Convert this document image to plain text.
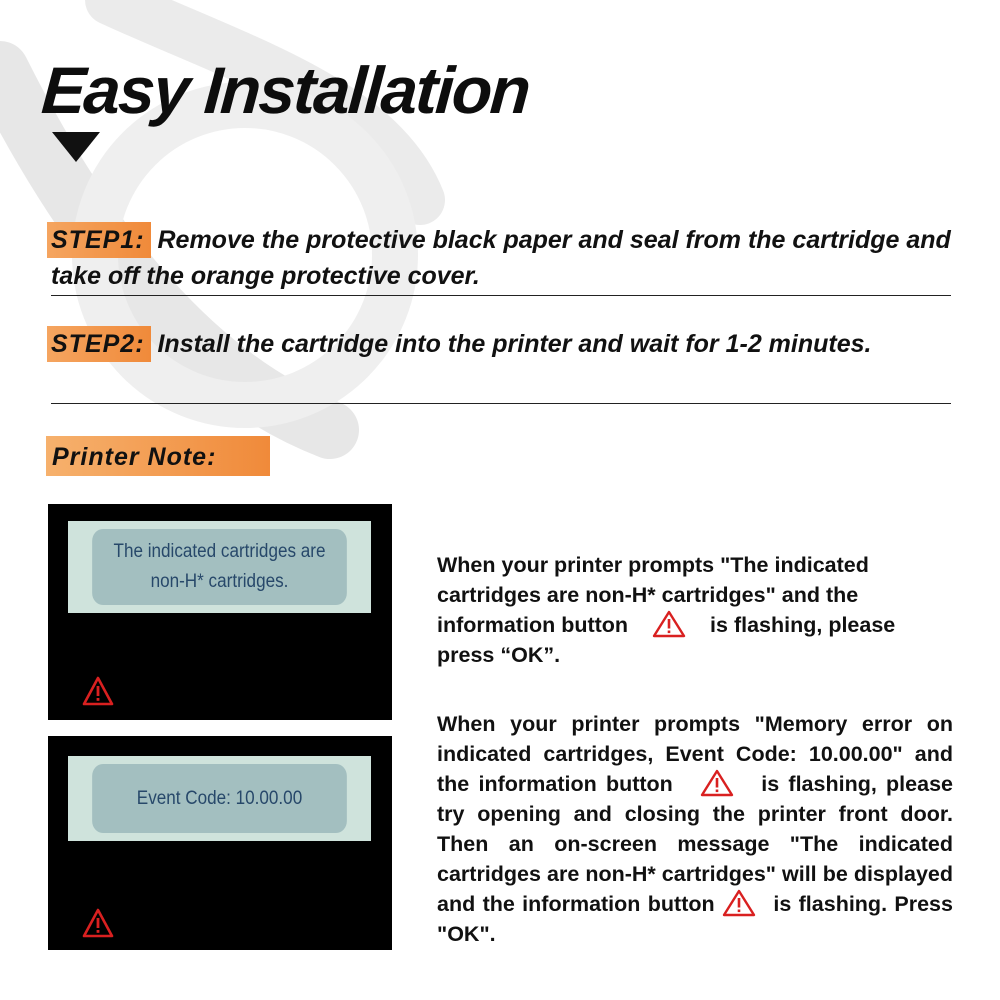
Easy Installation
STEP1: Remove the protective black paper and seal from the cartridge and take off the orange protective cover.
STEP2: Install the cartridge into the printer and wait for 1-2 minutes.
Printer Note:
The indicated cartridges are
non-H* cartridges.
Event Code: 10.00.00

When your printer prompts "The indicated cartridges are non-H* cartridges" and the information button	is flashing, please press “OK”.

When your printer prompts "Memory error on indicated cartridges, Event Code: 10.00.00" and the information button	is flashing, please try opening and closing the printer front door. Then an on-screen message "The indicated cartridges are non-H* cartridges" will be displayed and the information button	is flashing. Press "OK".
